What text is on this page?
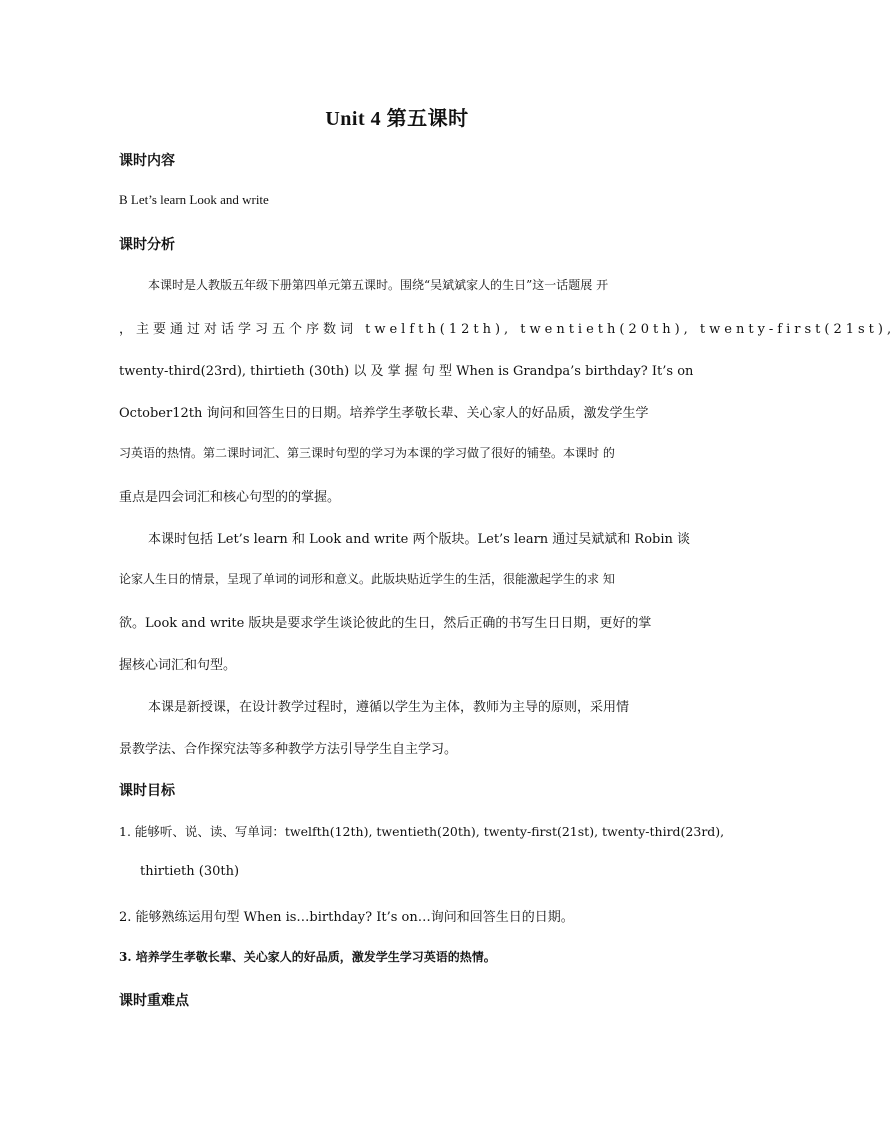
Unit 4 第五课时
课时内容
B Let’s learn Look and write
课时分析
本课时是人教版五年级下册第四单元第五课时。围绕“吴斌斌家人的生日”这一话题展 开
，主要通过对话学习五个序数词 twelfth(12th), twentieth(20th), twenty-first(21st),
twenty-third(23rd), thirtieth (30th) 以 及 掌 握 句 型 When is Grandpa’s birthday? It’s on
October12th 询问和回答生日的日期。培养学生孝敬长辈、关心家人的好品质，激发学生学
习英语的热情。第二课时词汇、第三课时句型的学习为本课的学习做了很好的铺垫。本课时 的
重点是四会词汇和核心句型的的掌握。
本课时包括 Let’s learn 和 Look and write 两个版块。Let’s learn 通过吴斌斌和 Robin 谈
论家人生日的情景，呈现了单词的词形和意义。此版块贴近学生的生活，很能激起学生的求 知
欲。Look and write 版块是要求学生谈论彼此的生日，然后正确的书写生日日期，更好的掌
握核心词汇和句型。
本课是新授课，在设计教学过程时，遵循以学生为主体，教师为主导的原则，采用情
景教学法、合作探究法等多种教学方法引导学生自主学习。
课时目标
1. 能够听、说、读、写单词：twelfth(12th), twentieth(20th), twenty-first(21st), twenty-third(23rd),
thirtieth (30th)
2. 能够熟练运用句型 When is…birthday? It’s on…询问和回答生日的日期。
3. 培养学生孝敬长辈、关心家人的好品质，激发学生学习英语的热情。
课时重难点
